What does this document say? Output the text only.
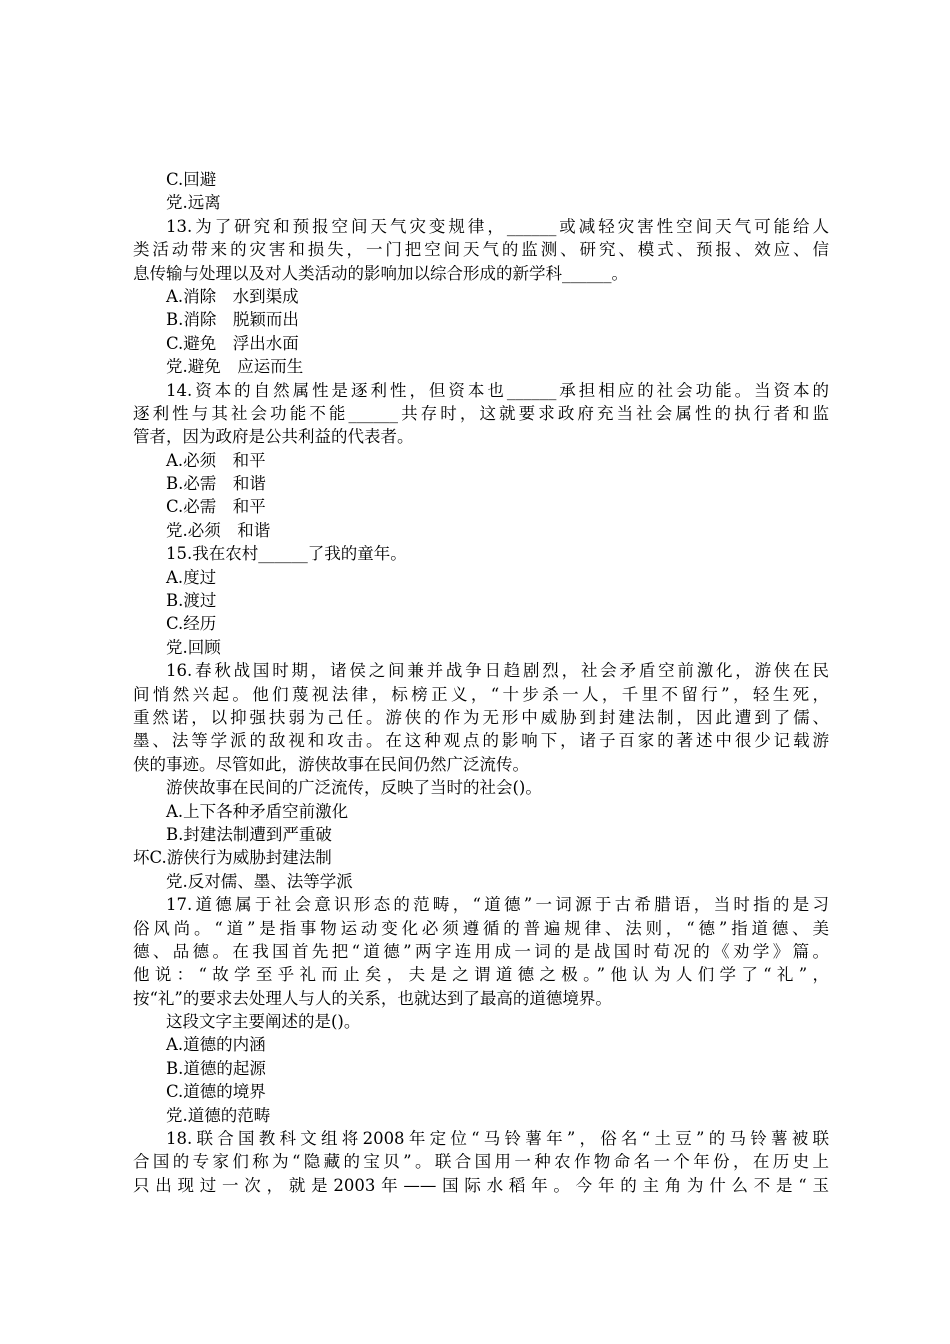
C.回避
党.远离
13.为了研究和预报空间天气灾变规律，______或减轻灾害性空间天气可能给人
类活动带来的灾害和损失，一门把空间天气的监测、研究、模式、预报、效应、信
息传输与处理以及对人类活动的影响加以综合形成的新学科______。
A.消除　水到渠成
B.消除　脱颖而出
C.避免　浮出水面
党.避免　应运而生
14.资本的自然属性是逐利性，但资本也______承担相应的社会功能。当资本的
逐利性与其社会功能不能______共存时，这就要求政府充当社会属性的执行者和监
管者，因为政府是公共利益的代表者。
A.必须　和平
B.必需　和谐
C.必需　和平
党.必须　和谐
15.我在农村______了我的童年。
A.度过
B.渡过
C.经历
党.回顾
16.春秋战国时期，诸侯之间兼并战争日趋剧烈，社会矛盾空前激化，游侠在民
间悄然兴起。他们蔑视法律，标榜正义，“十步杀一人，千里不留行”，轻生死，
重然诺，以抑强扶弱为己任。游侠的作为无形中威胁到封建法制，因此遭到了儒、
墨、法等学派的敌视和攻击。在这种观点的影响下，诸子百家的著述中很少记载游
侠的事迹。尽管如此，游侠故事在民间仍然广泛流传。
游侠故事在民间的广泛流传，反映了当时的社会()。
A.上下各种矛盾空前激化
B.封建法制遭到严重破
坏C.游侠行为威胁封建法制
党.反对儒、墨、法等学派
17.道德属于社会意识形态的范畴，“道德”一词源于古希腊语，当时指的是习
俗风尚。“道”是指事物运动变化必须遵循的普遍规律、法则，“德”指道德、美
德、品德。在我国首先把“道德”两字连用成一词的是战国时荀况的《劝学》篇。
他说：“故学至乎礼而止矣，夫是之谓道德之极。”他认为人们学了“礼”，
按“礼”的要求去处理人与人的关系，也就达到了最高的道德境界。
这段文字主要阐述的是()。
A.道德的内涵
B.道德的起源
C.道德的境界
党.道德的范畴
18.联合国教科文组将2008年定位“马铃薯年”，俗名“土豆”的马铃薯被联
合国的专家们称为“隐藏的宝贝”。联合国用一种农作物命名一个年份，在历史上
只出现过一次，就是2003年——国际水稻年。今年的主角为什么不是“玉
